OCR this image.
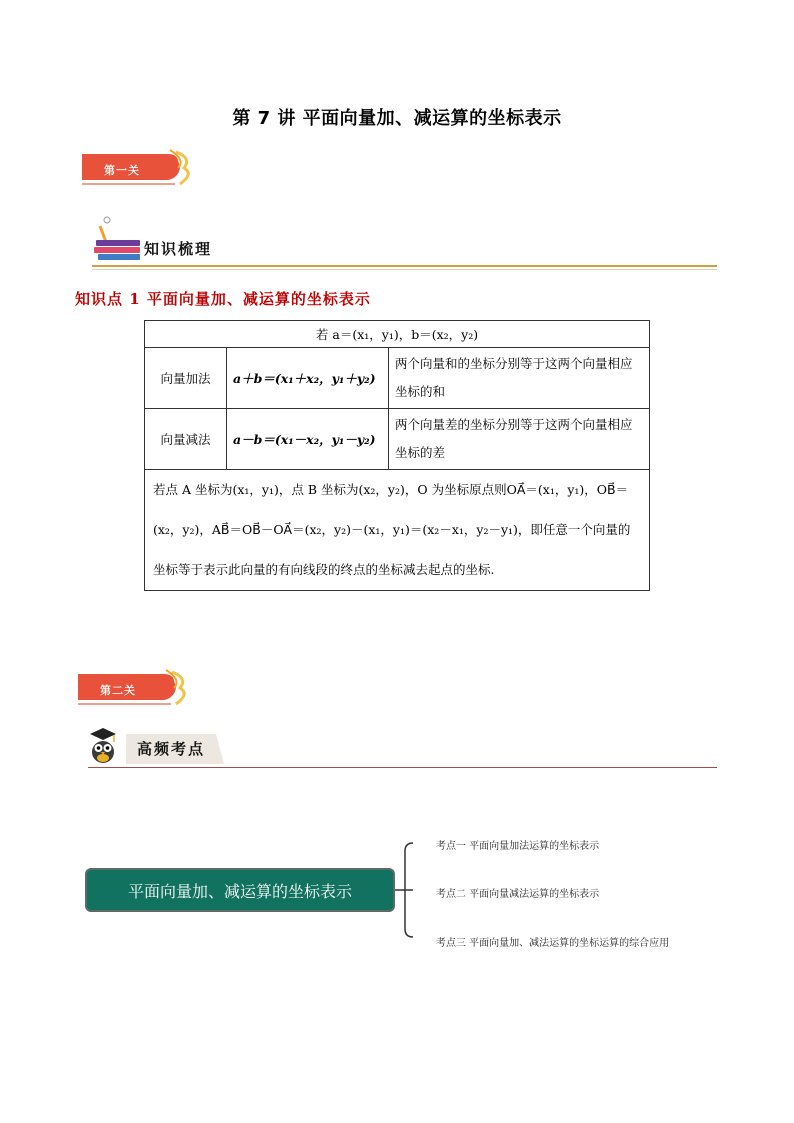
第 7 讲 平面向量加、减运算的坐标表示
第一关
知识梳理
知识点 1 平面向量加、减运算的坐标表示
若 a＝(x₁，y₁)，b＝(x₂，y₂)		
向量加法	a＋b＝(x₁＋x₂，y₁＋y₂)	两个向量和的坐标分别等于这两个向量相应坐标的和
向量减法	a－b＝(x₁－x₂，y₁－y₂)	两个向量差的坐标分别等于这两个向量相应坐标的差
若点 A 坐标为(x₁，y₁)，点 B 坐标为(x₂，y₂)，O 为坐标原点则OA⃗＝(x₁，y₁)，OB⃗＝(x₂，y₂)，AB⃗＝OB⃗－OA⃗＝(x₂，y₂)－(x₁，y₁)＝(x₂－x₁，y₂－y₁)，即任意一个向量的坐标等于表示此向量的有向线段的终点的坐标减去起点的坐标.		
第二关
高频考点
平面向量加、减运算的坐标表示
考点一 平面向量加法运算的坐标表示
考点二 平面向量减法运算的坐标表示
考点三 平面向量加、减法运算的坐标运算的综合应用
